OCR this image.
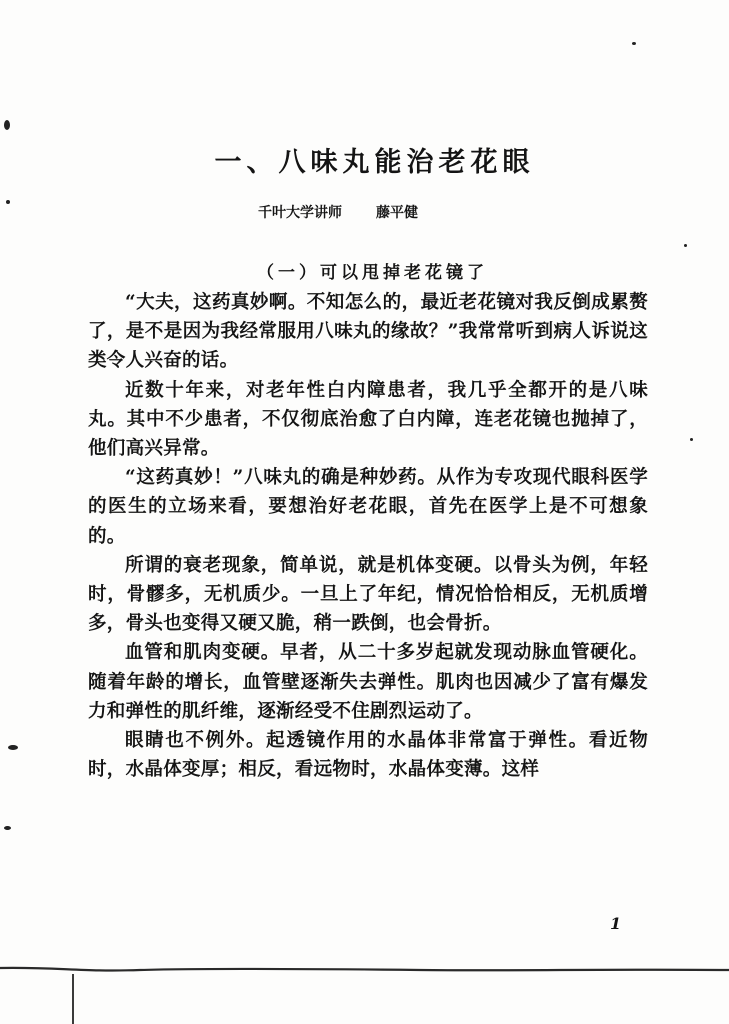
一、八味丸能治老花眼
千叶大学讲师 藤平健
（一）可以甩掉老花镜了

“大夫，这药真妙啊。不知怎么的，最近老花镜对我反倒成累赘了，是不是因为我经常服用八味丸的缘故？”我常常听到病人诉说这类令人兴奋的话。

近数十年来，对老年性白内障患者，我几乎全都开的是八味丸。其中不少患者，不仅彻底治愈了白内障，连老花镜也抛掉了，他们高兴异常。

“这药真妙！”八味丸的确是种妙药。从作为专攻现代眼科医学的医生的立场来看，要想治好老花眼，首先在医学上是不可想象的。

所谓的衰老现象，简单说，就是机体变硬。以骨头为例，年轻时，骨髎多，无机质少。一旦上了年纪，情况恰恰相反，无机质增多，骨头也变得又硬又脆，稍一跌倒，也会骨折。

血管和肌肉变硬。早者，从二十多岁起就发现动脉血管硬化。随着年龄的增长，血管壁逐渐失去弹性。肌肉也因减少了富有爆发力和弹性的肌纤维，逐渐经受不住剧烈运动了。

眼睛也不例外。起透镜作用的水晶体非常富于弹性。看近物时，水晶体变厚；相反，看远物时，水晶体变薄。这样

1
